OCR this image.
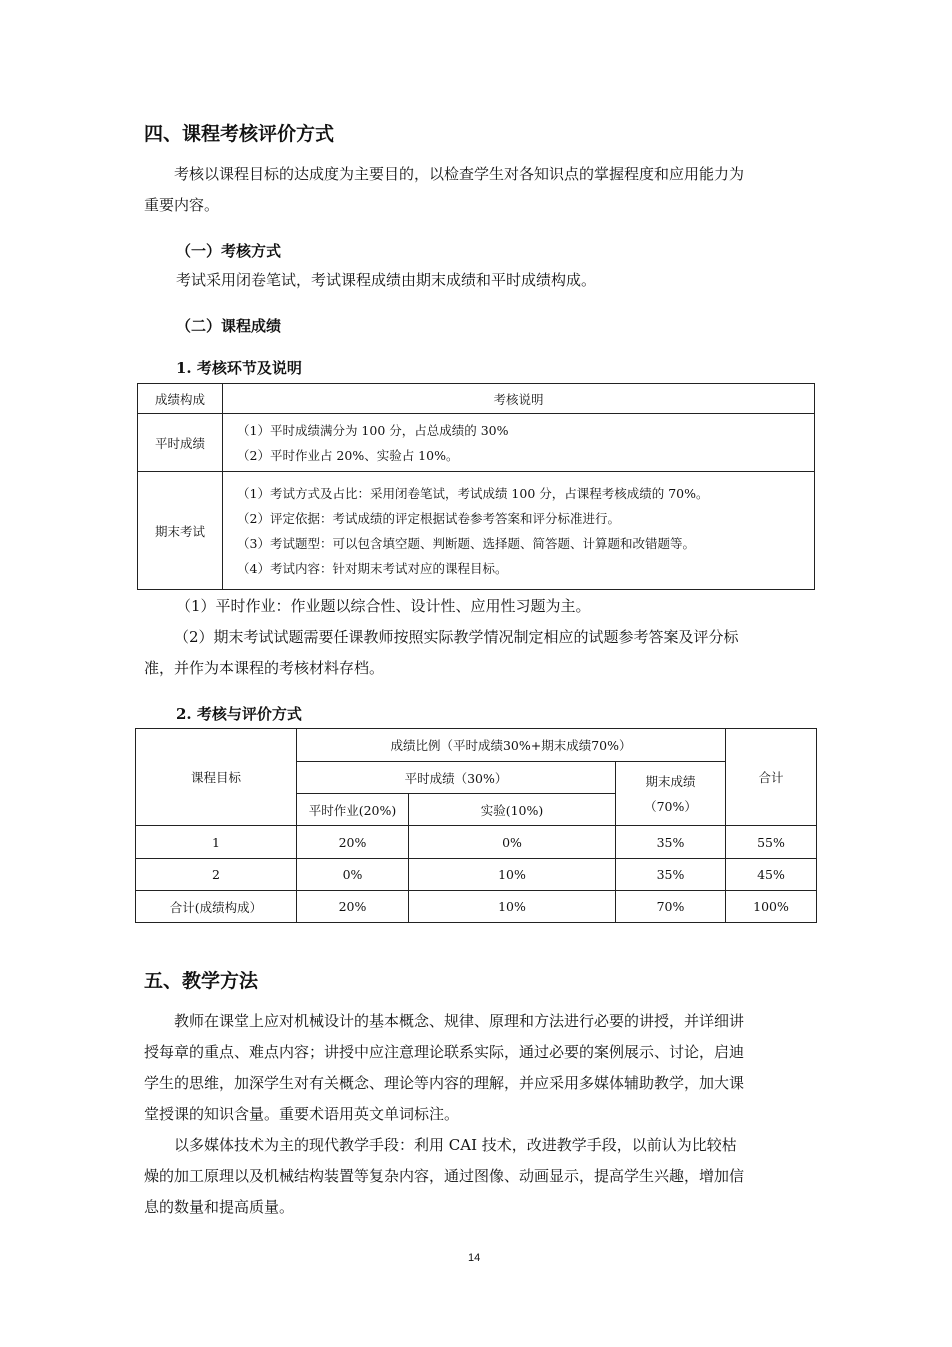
四、课程考核评价方式
考核以课程目标的达成度为主要目的，以检查学生对各知识点的掌握程度和应用能力为
重要内容。
（一）考核方式
考试采用闭卷笔试，考试课程成绩由期末成绩和平时成绩构成。
（二）课程成绩
1. 考核环节及说明
成绩构成	考核说明
平时成绩	（1）平时成绩满分为 100 分，占总成绩的 30%
（2）平时作业占 20%、实验占 10%。

期末考试	（1）考试方式及占比：采用闭卷笔试，考试成绩 100 分，占课程考核成绩的 70%。
（2）评定依据：考试成绩的评定根据试卷参考答案和评分标准进行。
（3）考试题型：可以包含填空题、判断题、选择题、简答题、计算题和改错题等。
（4）考试内容：针对期末考试对应的课程目标。
（1）平时作业：作业题以综合性、设计性、应用性习题为主。
（2）期末考试试题需要任课教师按照实际教学情况制定相应的试题参考答案及评分标
准，并作为本课程的考核材料存档。
2. 考核与评价方式
课程目标	成绩比例（平时成绩30%+期末成绩70%）			合计
	平时成绩（30%）		期末成绩
（70%）	

	平时作业(20%)	实验(10%)		
1	20%	0%	35%	55%
2	0%	10%	35%	45%
合计(成绩构成）	20%	10%	70%	100%
五、教学方法
教师在课堂上应对机械设计的基本概念、规律、原理和方法进行必要的讲授，并详细讲
授每章的重点、难点内容；讲授中应注意理论联系实际，通过必要的案例展示、讨论，启迪
学生的思维，加深学生对有关概念、理论等内容的理解，并应采用多媒体辅助教学，加大课
堂授课的知识含量。重要术语用英文单词标注。
以多媒体技术为主的现代教学手段：利用 CAI 技术，改进教学手段，以前认为比较枯
燥的加工原理以及机械结构装置等复杂内容，通过图像、动画显示，提高学生兴趣，增加信
息的数量和提高质量。
14
